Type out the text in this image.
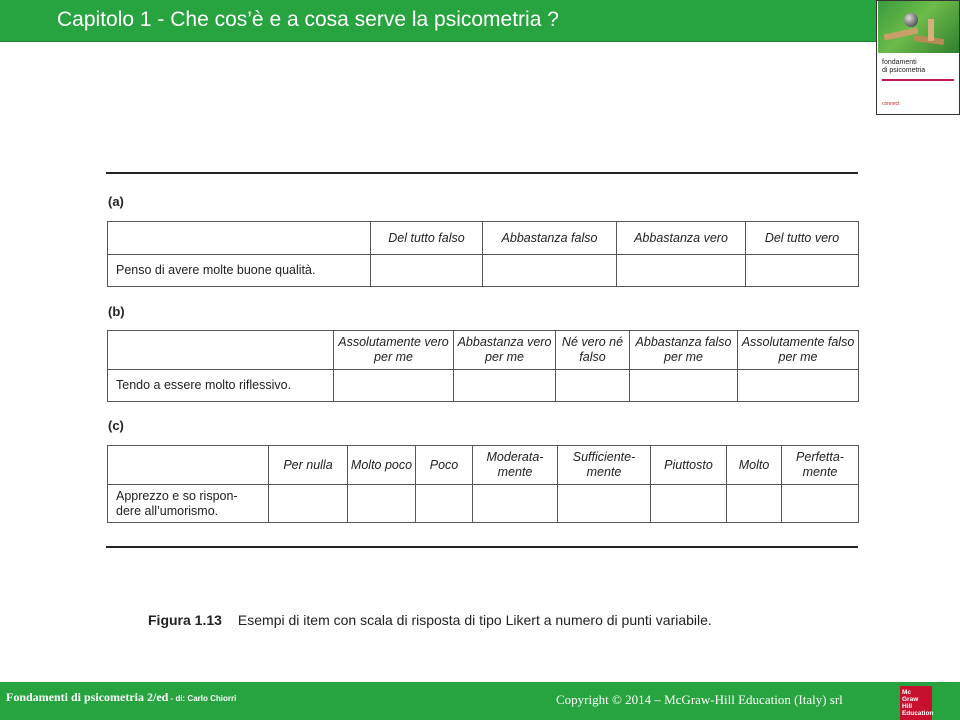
Capitolo 1 - Che cos’è e a cosa serve la psicometria ?
fondamenti
di psicometria
connect
(a)
	Del tutto falso	Abbastanza falso	Abbastanza vero	Del tutto vero
Penso di avere molte buone qualità.				
(b)
	Assolutamente vero per me	Abbastanza vero per me	Né vero né falso	Abbastanza falso per me	Assolutamente falso per me
Tendo a essere molto riflessivo.					
(c)
	Per nulla	Molto poco	Poco	Moderata-mente	Sufficiente-mente	Piuttosto	Molto	Perfetta-mente
Apprezzo e so rispon-dere all’umorismo.								
Figura 1.13 Esempi di item con scala di risposta di tipo Likert a numero di punti variabile.
Fondamenti di psicometria 2/ed - di: Carlo Chiorri	Copyright © 2014 – McGraw-Hill Education (Italy) srl	Mc
Graw
Hill
Education
